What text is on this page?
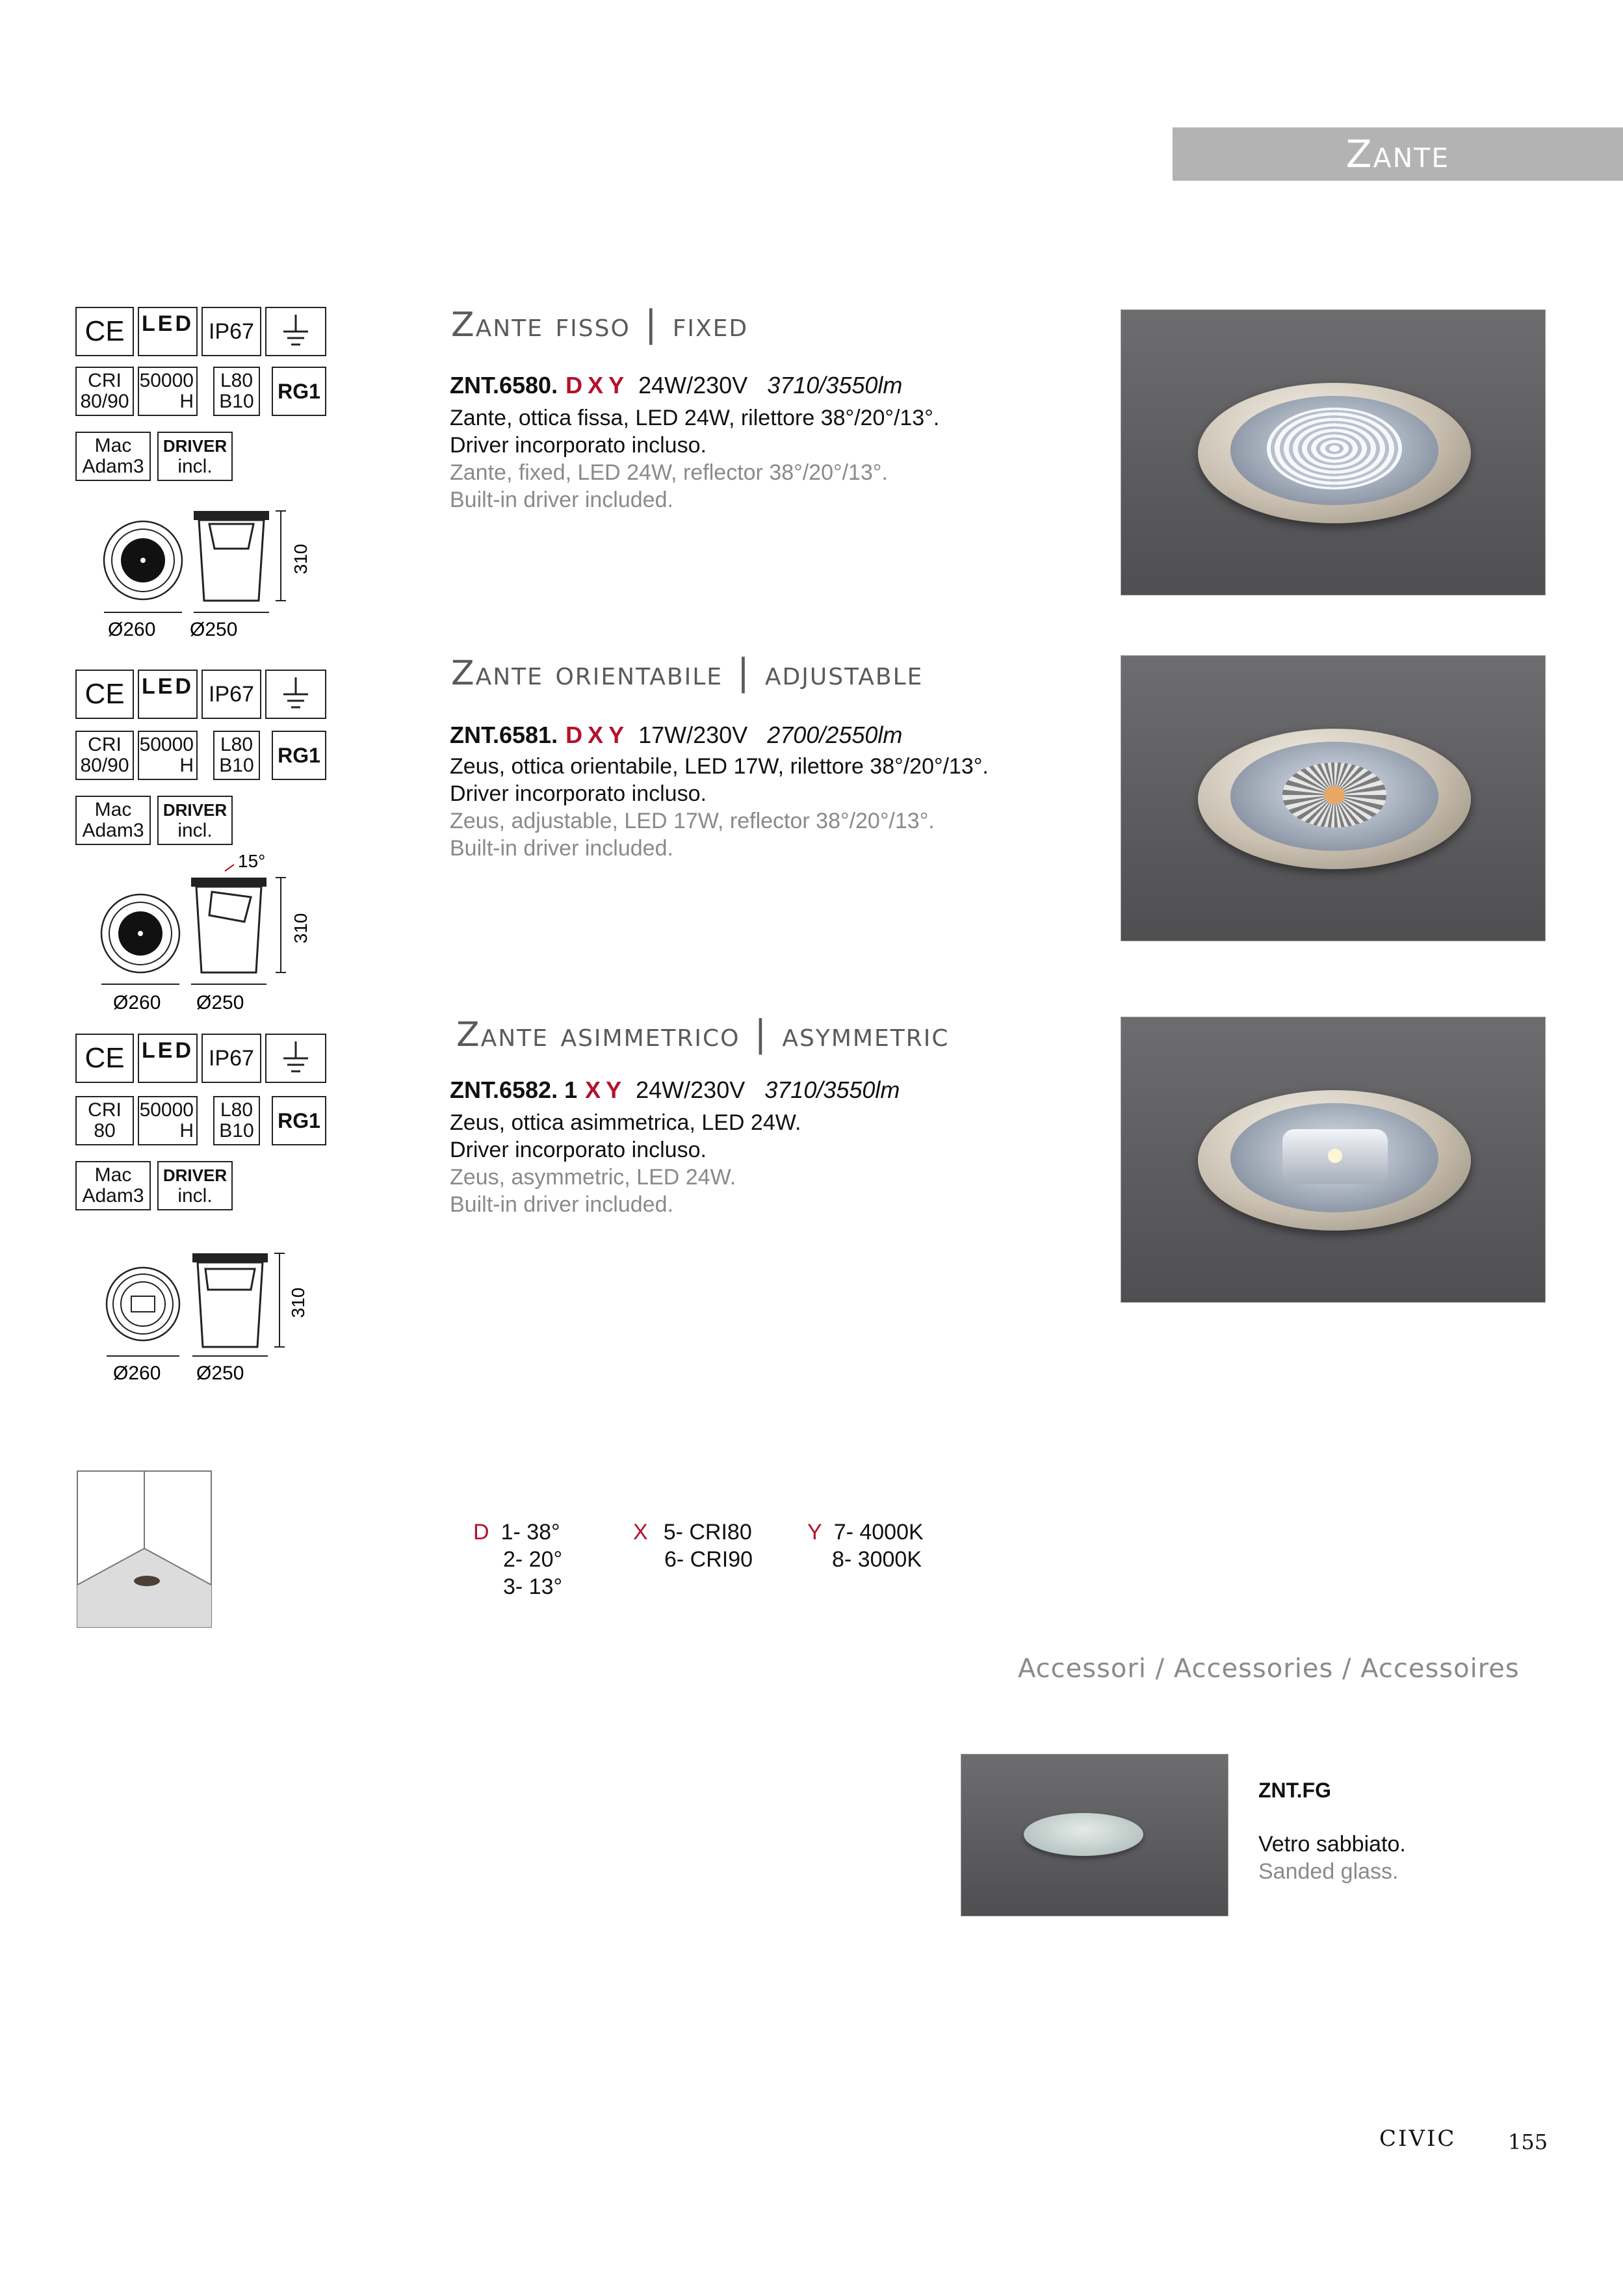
Zante
CE LED IP67
CRI
80/90
50000
H
L80
B10 RG1
Mac
Adam3
DRIVER
incl.
310
Ø260 Ø250
Zante fisso | fixed
ZNT.6580. D X Y 24W/230V 3710/3550lm
Zante, ottica fissa, LED 24W, rilettore 38°/20°/13°.
Driver incorporato incluso.
Zante, fixed, LED 24W, reflector 38°/20°/13°.
Built-in driver included.
CE LED IP67
CRI
80/90
50000
H
L80
B10 RG1
Mac
Adam3
DRIVER
incl.
15°
310
Ø260 Ø250
Zante orientabile | adjustable
ZNT.6581. D X Y 17W/230V 2700/2550lm
Zeus, ottica orientabile, LED 17W, rilettore 38°/20°/13°.
Driver incorporato incluso.
Zeus, adjustable, LED 17W, reflector 38°/20°/13°.
Built-in driver included.
CE LED IP67
CRI
80
50000
H
L80
B10 RG1
Mac
Adam3
DRIVER
incl.
310
Ø260 Ø250
Zante asimmetrico | asymmetric
ZNT.6582. 1 X Y 24W/230V 3710/3550lm
Zeus, ottica asimmetrica, LED 24W.
Driver incorporato incluso.
Zeus, asymmetric, LED 24W.
Built-in driver included.
D 1- 38°
2- 20°
3- 13°
X 5- CRI80
6- CRI90
Y 7- 4000K
8- 3000K
Accessori / Accessories / Accessoires
ZNT.FG
Vetro sabbiato.
Sanded glass.
CIVIC 155
